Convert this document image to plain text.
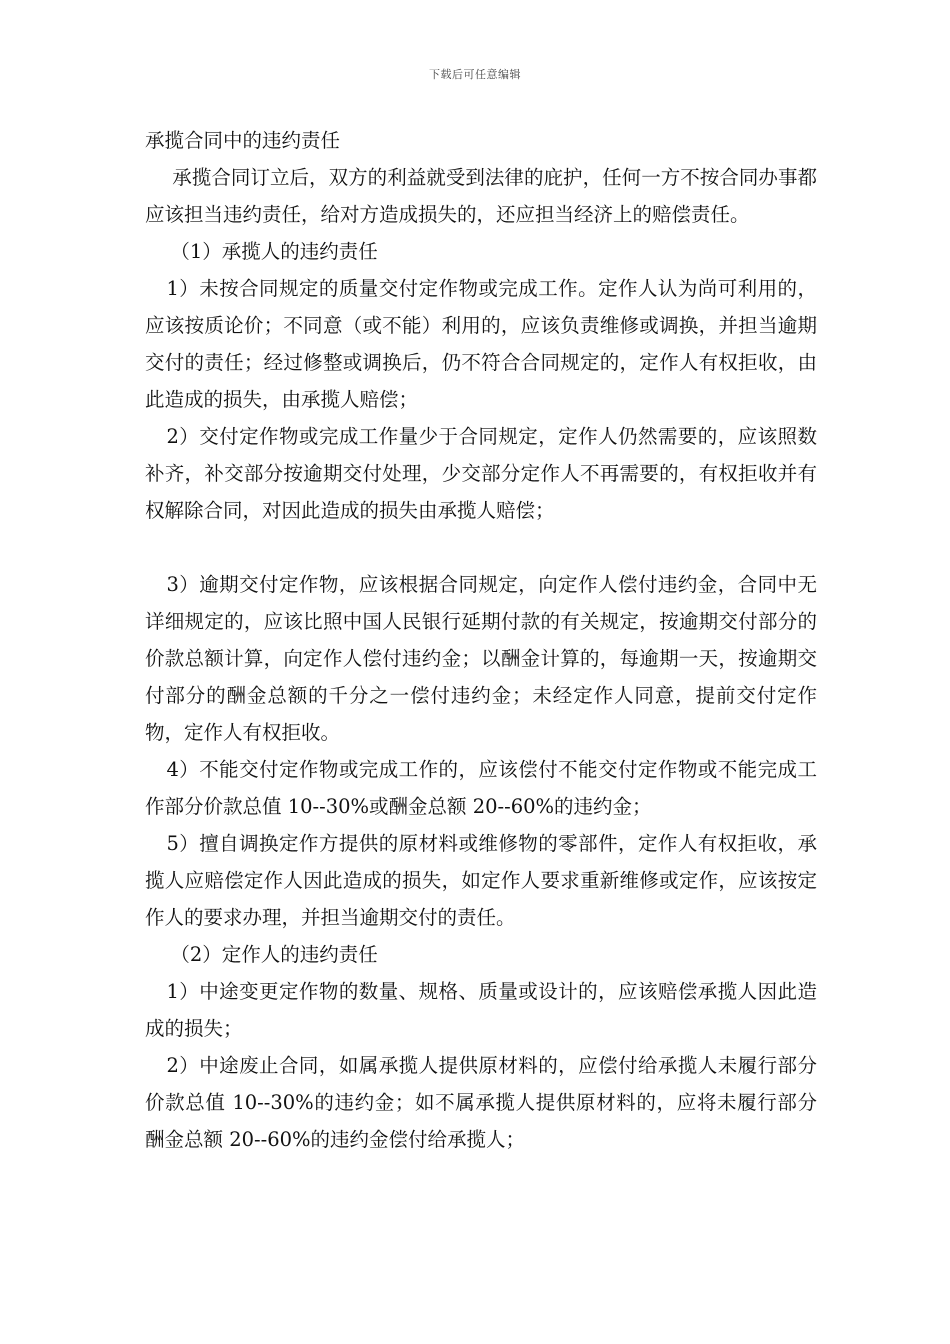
下载后可任意编辑

承揽合同中的违约责任

承揽合同订立后，双方的利益就受到法律的庇护，任何一方不按合同办事都应该担当违约责任，给对方造成损失的，还应担当经济上的赔偿责任。

（1）承揽人的违约责任

1）未按合同规定的质量交付定作物或完成工作。定作人认为尚可利用的，应该按质论价；不同意（或不能）利用的，应该负责维修或调换，并担当逾期交付的责任；经过修整或调换后，仍不符合合同规定的，定作人有权拒收，由此造成的损失，由承揽人赔偿；

2）交付定作物或完成工作量少于合同规定，定作人仍然需要的，应该照数补齐，补交部分按逾期交付处理，少交部分定作人不再需要的，有权拒收并有权解除合同，对因此造成的损失由承揽人赔偿；

3）逾期交付定作物，应该根据合同规定，向定作人偿付违约金，合同中无详细规定的，应该比照中国人民银行延期付款的有关规定，按逾期交付部分的价款总额计算，向定作人偿付违约金；以酬金计算的，每逾期一天，按逾期交付部分的酬金总额的千分之一偿付违约金；未经定作人同意，提前交付定作物，定作人有权拒收。

4）不能交付定作物或完成工作的，应该偿付不能交付定作物或不能完成工作部分价款总值 10--30%或酬金总额 20--60%的违约金；

5）擅自调换定作方提供的原材料或维修物的零部件，定作人有权拒收，承揽人应赔偿定作人因此造成的损失，如定作人要求重新维修或定作，应该按定作人的要求办理，并担当逾期交付的责任。

（2）定作人的违约责任

1）中途变更定作物的数量、规格、质量或设计的，应该赔偿承揽人因此造成的损失；

2）中途废止合同，如属承揽人提供原材料的，应偿付给承揽人未履行部分价款总值 10--30%的违约金；如不属承揽人提供原材料的，应将未履行部分酬金总额 20--60%的违约金偿付给承揽人；
